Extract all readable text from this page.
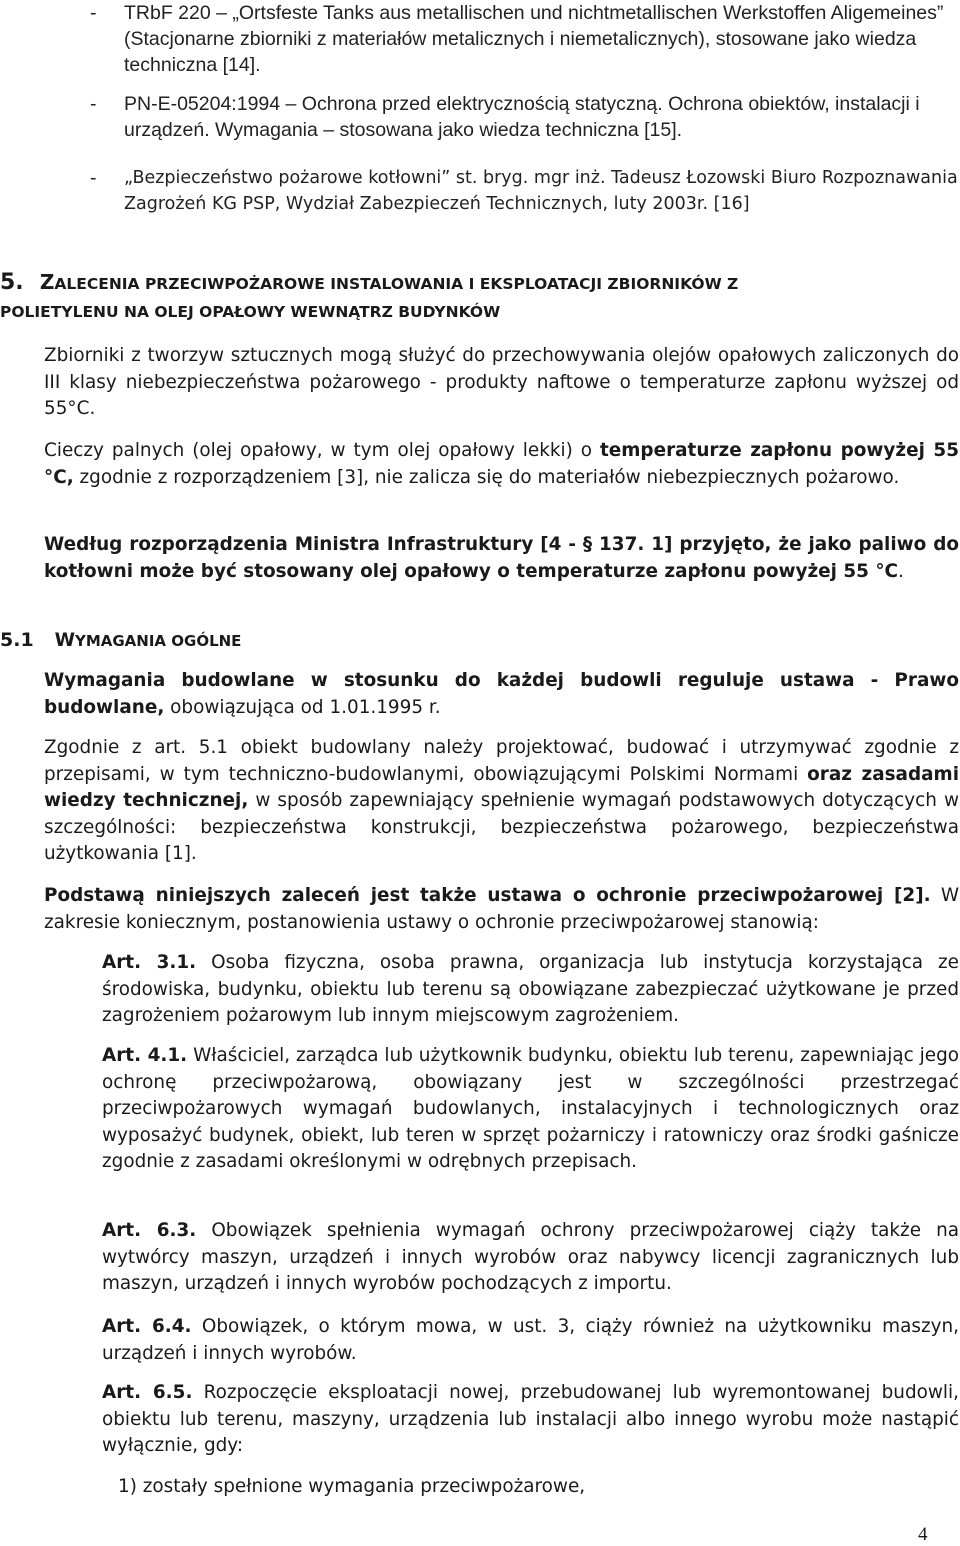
-	TRbF 220 – „Ortsfeste Tanks aus metallischen und nichtmetallischen Werkstoffen Aligemeines” (Stacjonarne zbiorniki z materiałów metalicznych i niemetalicznych), stosowane jako wiedza techniczna [14].
-	PN-E-05204:1994 – Ochrona przed elektrycznością statyczną. Ochrona obiektów, instalacji i urządzeń. Wymagania – stosowana jako wiedza techniczna [15].
-	„Bezpieczeństwo pożarowe kotłowni” st. bryg. mgr inż. Tadeusz Łozowski Biuro Rozpoznawania Zagrożeń KG PSP, Wydział Zabezpieczeń Technicznych, luty 2003r. [16]
5. ZALECENIA PRZECIWPOŻAROWE INSTALOWANIA I EKSPLOATACJI ZBIORNIKÓW Z
POLIETYLENU NA OLEJ OPAŁOWY WEWNĄTRZ BUDYNKÓW
Zbiorniki z tworzyw sztucznych mogą służyć do przechowywania olejów opałowych zaliczonych do III klasy niebezpieczeństwa pożarowego - produkty naftowe o temperaturze zapłonu wyższej od 55°C.
Cieczy palnych (olej opałowy, w tym olej opałowy lekki) o temperaturze zapłonu powyżej 55 °C, zgodnie z rozporządzeniem [3], nie zalicza się do materiałów niebezpiecznych pożarowo.
Według rozporządzenia Ministra Infrastruktury [4 - § 137. 1] przyjęto, że jako paliwo do kotłowni może być stosowany olej opałowy o temperaturze zapłonu powyżej 55 °C.
5.1 WYMAGANIA OGÓLNE
Wymagania budowlane w stosunku do każdej budowli reguluje ustawa - Prawo budowlane, obowiązująca od 1.01.1995 r.
Zgodnie z art. 5.1 obiekt budowlany należy projektować, budować i utrzymywać zgodnie z przepisami, w tym techniczno-budowlanymi, obowiązującymi Polskimi Normami oraz zasadami wiedzy technicznej, w sposób zapewniający spełnienie wymagań podstawowych dotyczących w szczególności: bezpieczeństwa konstrukcji, bezpieczeństwa pożarowego, bezpieczeństwa użytkowania [1].
Podstawą niniejszych zaleceń jest także ustawa o ochronie przeciwpożarowej [2]. W zakresie koniecznym, postanowienia ustawy o ochronie przeciwpożarowej stanowią:
Art. 3.1. Osoba fizyczna, osoba prawna, organizacja lub instytucja korzystająca ze środowiska, budynku, obiektu lub terenu są obowiązane zabezpieczać użytkowane je przed zagrożeniem pożarowym lub innym miejscowym zagrożeniem.
Art. 4.1. Właściciel, zarządca lub użytkownik budynku, obiektu lub terenu, zapewniając jego ochronę przeciwpożarową, obowiązany jest w szczególności przestrzegać przeciwpożarowych wymagań budowlanych, instalacyjnych i technologicznych oraz wyposażyć budynek, obiekt, lub teren w sprzęt pożarniczy i ratowniczy oraz środki gaśnicze zgodnie z zasadami określonymi w odrębnych przepisach.
Art. 6.3. Obowiązek spełnienia wymagań ochrony przeciwpożarowej ciąży także na wytwórcy maszyn, urządzeń i innych wyrobów oraz nabywcy licencji zagranicznych lub maszyn, urządzeń i innych wyrobów pochodzących z importu.
Art. 6.4. Obowiązek, o którym mowa, w ust. 3, ciąży również na użytkowniku maszyn, urządzeń i innych wyrobów.
Art. 6.5. Rozpoczęcie eksploatacji nowej, przebudowanej lub wyremontowanej budowli, obiektu lub terenu, maszyny, urządzenia lub instalacji albo innego wyrobu może nastąpić wyłącznie, gdy:
1) zostały spełnione wymagania przeciwpożarowe,
4
